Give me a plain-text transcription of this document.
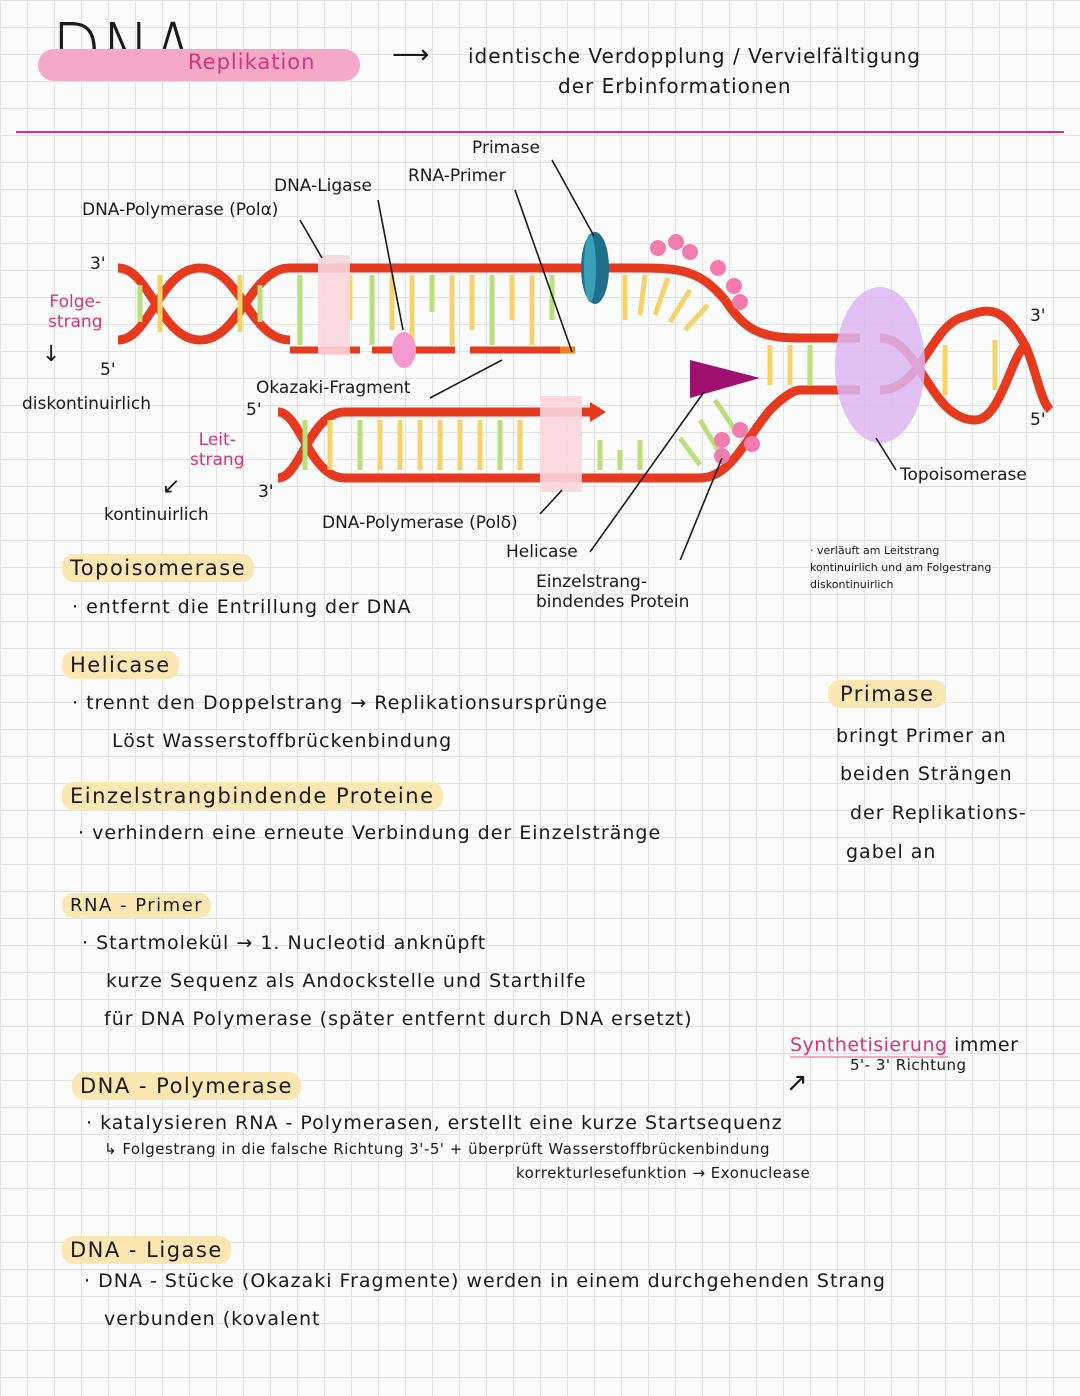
Replikation	⟶ identische Verdopplung / Vervielfältigung
der Erbinformationen
Primase
RNA-Primer
DNA-Ligase
DNA-Polymerase (Polα)
3'
Folge-
strang
↓
5'
diskontinuirlich
Okazaki-Fragment
5'
Leit-
strang
3'
↙
kontinuirlich	DNA-Polymerase (Polδ)
Helicase
Einzelstrang-
bindendes Protein
3'
5'
Topoisomerase
· verläuft am Leitstrang
kontinuirlich und am Folgestrang
diskontinuirlich
Topoisomerase
· entfernt die Entrillung der DNA
Helicase
· trennt den Doppelstrang → Replikationsursprünge
Löst Wasserstoffbrückenbindung
Einzelstrangbindende Proteine
· verhindern eine erneute Verbindung der Einzelstränge
Primase
bringt Primer an
beiden Strängen
der Replikations-
gabel an
RNA - Primer
· Startmolekül → 1. Nucleotid anknüpft
kurze Sequenz als Andockstelle und Starthilfe
für DNA Polymerase (später entfernt durch DNA ersetzt)
Synthetisierung immer
5'- 3' Richtung
↗
DNA - Polymerase
· katalysieren RNA - Polymerasen, erstellt eine kurze Startsequenz
↳ Folgestrang in die falsche Richtung 3'-5' + überprüft Wasserstoffbrückenbindung
korrekturlesefunktion → Exonuclease
DNA - Ligase
· DNA - Stücke (Okazaki Fragmente) werden in einem durchgehenden Strang
verbunden (kovalent
